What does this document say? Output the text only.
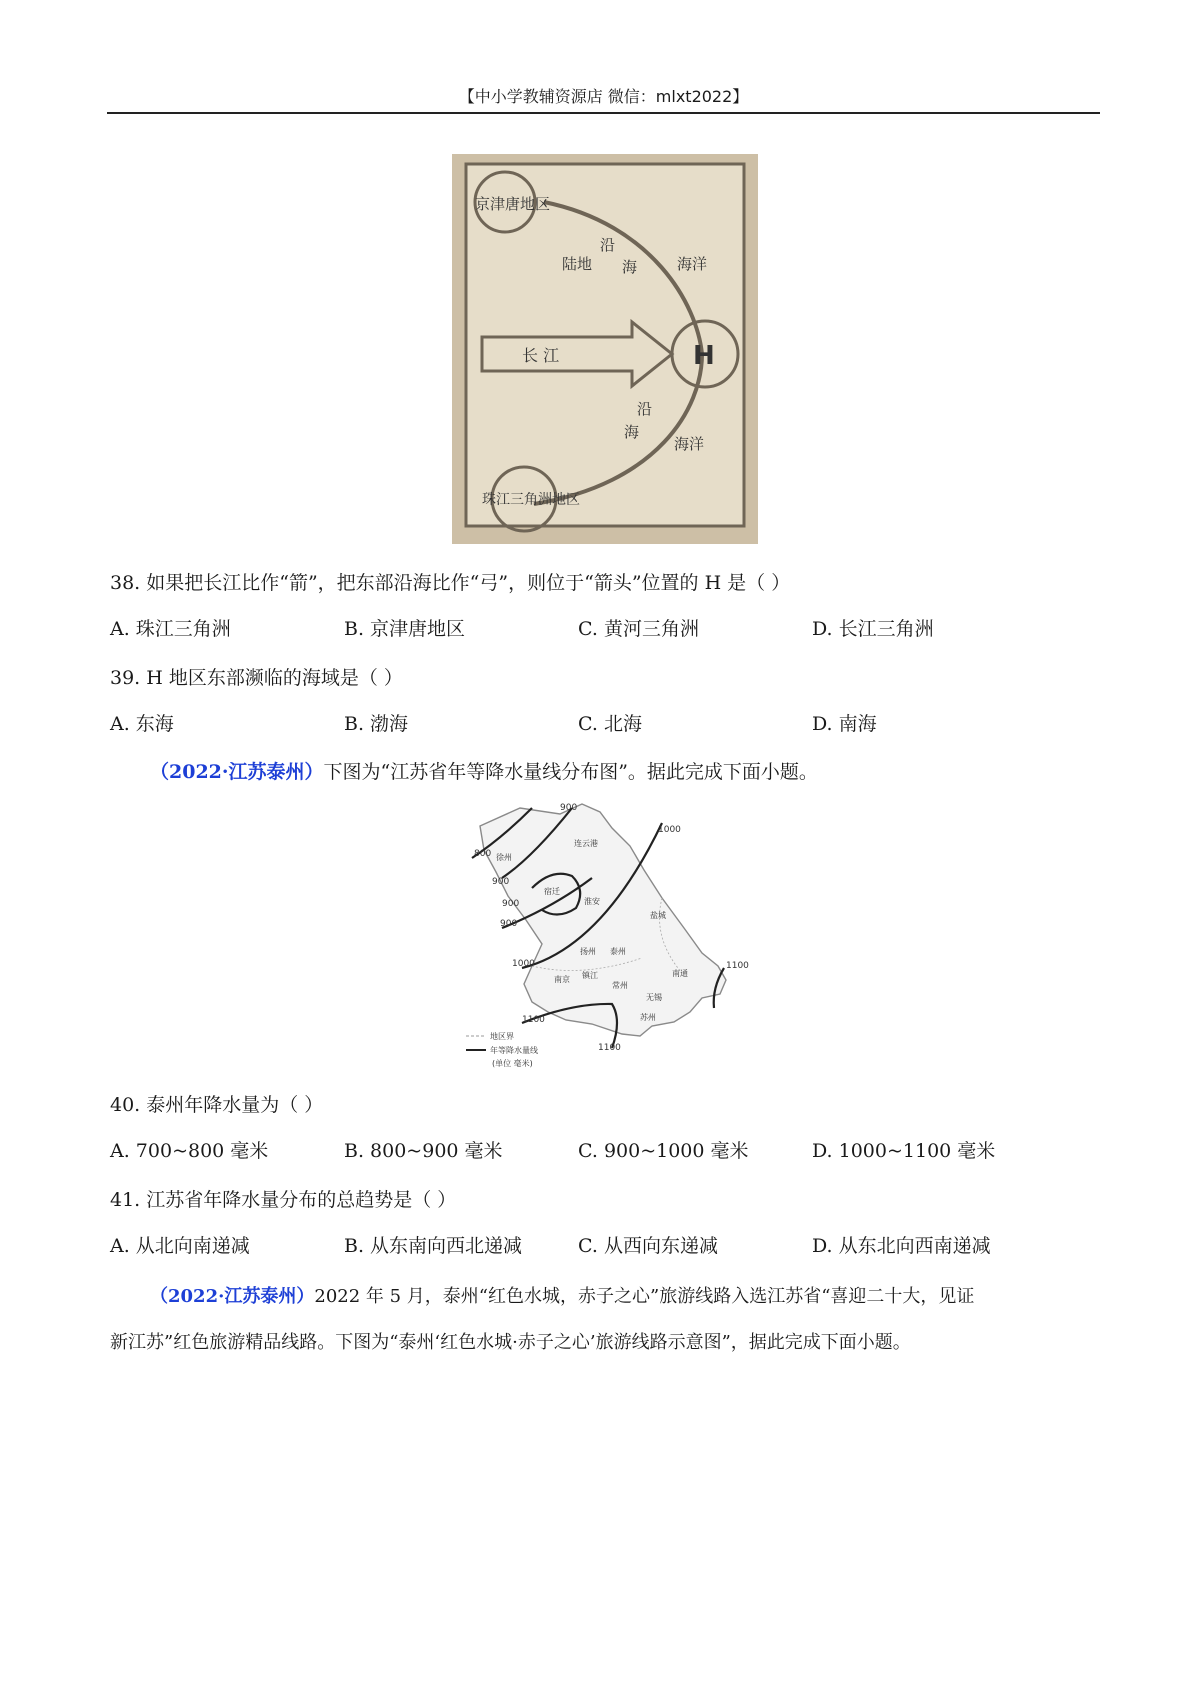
【中小学教辅资源店 微信：mlxt2022】
京津唐地区
陆地
沿
海	海洋
长 江	H
沿
海
海洋
珠江三角洲地区
38. 如果把长江比作“箭”，把东部沿海比作“弓”，则位于“箭头”位置的 H 是（ ）
A. 珠江三角洲	B. 京津唐地区	C. 黄河三角洲	D. 长江三角洲
39. H 地区东部濒临的海域是（ ）
A. 东海	B. 渤海	C. 北海	D. 南海
（2022·江苏泰州）下图为“江苏省年等降水量线分布图”。据此完成下面小题。
800
900
900
900
900
1000
1000
1100
1100
1100
连云港
宿迁
淮安
盐城
扬州 泰州
南京 镇江
常州
南通
无锡
苏州
徐州
地区界
年等降水量线
(单位 毫米)
40. 泰州年降水量为（ ）
A. 700~800 毫米	B. 800~900 毫米	C. 900~1000 毫米	D. 1000~1100 毫米
41. 江苏省年降水量分布的总趋势是（ ）
A. 从北向南递减	B. 从东南向西北递减	C. 从西向东递减	D. 从东北向西南递减
（2022·江苏泰州）2022 年 5 月，泰州“红色水城，赤子之心”旅游线路入选江苏省“喜迎二十大，见证
新江苏”红色旅游精品线路。下图为“泰州‘红色水城·赤子之心’旅游线路示意图”，据此完成下面小题。
